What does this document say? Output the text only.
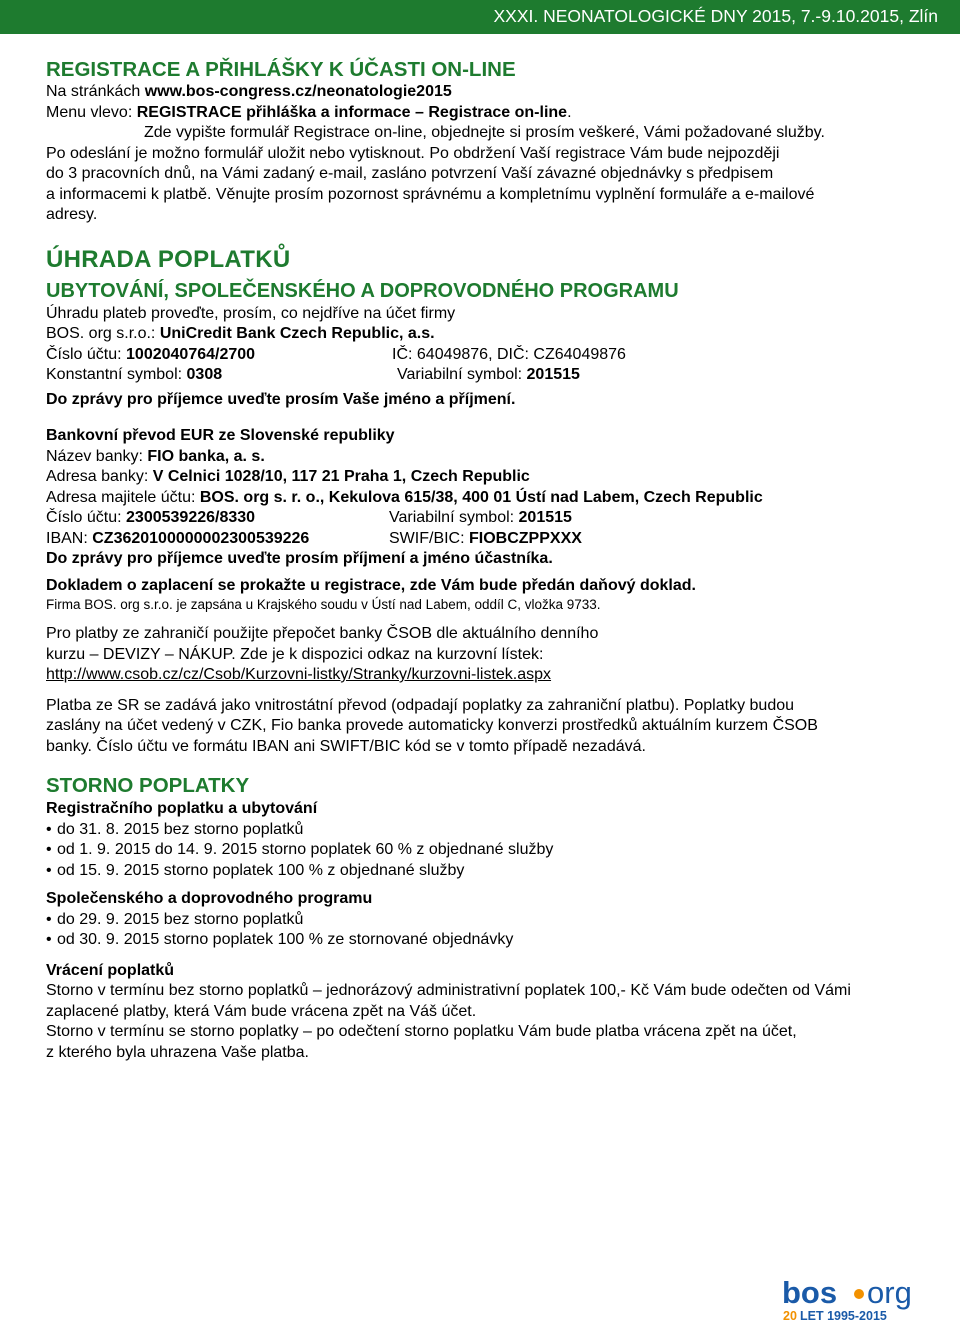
XXXI. NEONATOLOGICKÉ DNY 2015, 7.-9.10.2015, Zlín
REGISTRACE A PŘIHLÁŠKY K ÚČASTI ON-LINE

Na stránkách www.bos-congress.cz/neonatologie2015

Menu vlevo: REGISTRACE přihláška a informace – Registrace on-line.

Zde vypište formulář Registrace on-line, objednejte si prosím veškeré, Vámi požadované služby.

Po odeslání je možno formulář uložit nebo vytisknout. Po obdržení Vaší registrace Vám bude nejpozději

do 3 pracovních dnů, na Vámi zadaný e-mail, zasláno potvrzení Vaší závazné objednávky s předpisem

a informacemi k platbě. Věnujte prosím pozornost správnému a kompletnímu vyplnění formuláře a e-mailové

adresy.

ÚHRADA POPLATKŮ
UBYTOVÁNÍ, SPOLEČENSKÉHO A DOPROVODNÉHO PROGRAMU

Úhradu plateb proveďte, prosím, co nejdříve na účet firmy

BOS. org s.r.o.: UniCredit Bank Czech Republic, a.s.

Číslo účtu: 1002040764/2700	IČ: 64049876, DIČ: CZ64049876
Konstantní symbol: 0308	Variabilní symbol: 201515

Do zprávy pro příjemce uveďte prosím Vaše jméno a příjmení.

Bankovní převod EUR ze Slovenské republiky

Název banky: FIO banka, a. s.

Adresa banky: V Celnici 1028/10, 117 21 Praha 1, Czech Republic

Adresa majitele účtu: BOS. org s. r. o., Kekulova 615/38, 400 01 Ústí nad Labem, Czech Republic

Číslo účtu: 2300539226/8330	Variabilní symbol: 201515
IBAN: CZ3620100000002300539226	SWIF/BIC: FIOBCZPPXXX

Do zprávy pro příjemce uveďte prosím příjmení a jméno účastníka.

Dokladem o zaplacení se prokažte u registrace, zde Vám bude předán daňový doklad.

Firma BOS. org s.r.o. je zapsána u Krajského soudu v Ústí nad Labem, oddíl C, vložka 9733.

Pro platby ze zahraničí použijte přepočet banky ČSOB dle aktuálního denního

kurzu – DEVIZY – NÁKUP. Zde je k dispozici odkaz na kurzovní lístek:

http://www.csob.cz/cz/Csob/Kurzovni-listky/Stranky/kurzovni-listek.aspx

Platba ze SR se zadává jako vnitrostátní převod (odpadají poplatky za zahraniční platbu). Poplatky budou

zaslány na účet vedený v CZK, Fio banka provede automaticky konverzi prostředků aktuálním kurzem ČSOB

banky. Číslo účtu ve formátu IBAN ani SWIFT/BIC kód se v tomto případě nezadává.

STORNO POPLATKY

Registračního poplatku a ubytování

• do 31. 8. 2015 bez storno poplatků

• od 1. 9. 2015 do 14. 9. 2015 storno poplatek 60 % z objednané služby

• od 15. 9. 2015 storno poplatek 100 % z objednané služby

Společenského a doprovodného programu

• do 29. 9. 2015 bez storno poplatků

• od 30. 9. 2015 storno poplatek 100 % ze stornované objednávky

Vrácení poplatků

Storno v termínu bez storno poplatků – jednorázový administrativní poplatek 100,- Kč Vám bude odečten od Vámi

zaplacené platby, která Vám bude vrácena zpět na Váš účet.

Storno v termínu se storno poplatky – po odečtení storno poplatku Vám bude platba vrácena zpět na účet,

z kterého byla uhrazena Vaše platba.

bos org
20 LET 1995-2015
